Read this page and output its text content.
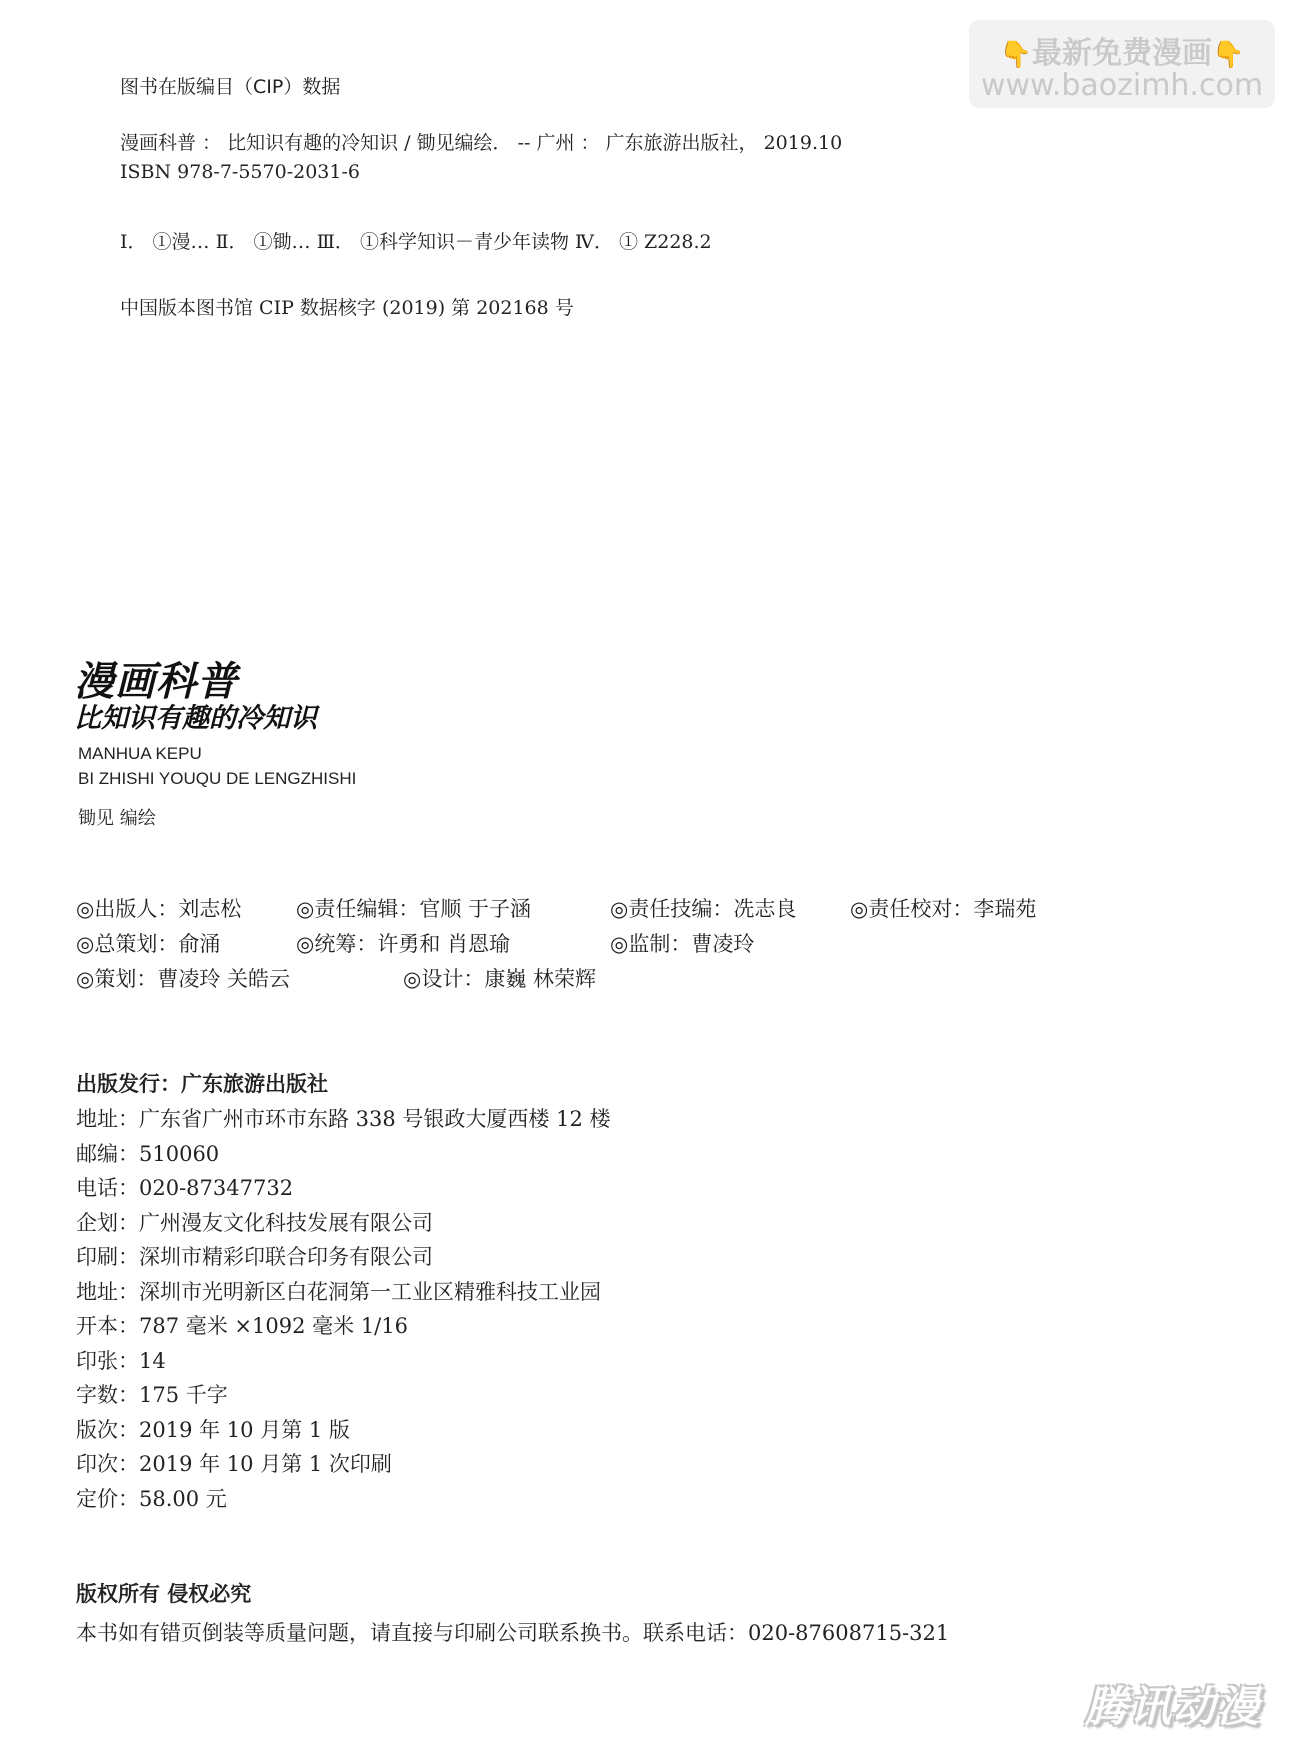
👇最新免费漫画👇
www.baozimh.com
图书在版编目（CIP）数据
漫画科普 ： 比知识有趣的冷知识 / 锄见编绘． -- 广州 ： 广东旅游出版社， 2019.10
ISBN 978-7-5570-2031-6
Ⅰ． ①漫… Ⅱ． ①锄… Ⅲ． ①科学知识－青少年读物 Ⅳ． ① Z228.2
中国版本图书馆 CIP 数据核字 (2019) 第 202168 号
漫画科普
比知识有趣的冷知识
MANHUA KEPU
BI ZHISHI YOUQU DE LENGZHISHI
锄见 编绘
◎出版人：刘志松	◎责任编辑：官顺 于子涵	◎责任技编：冼志良	◎责任校对：李瑞苑
◎总策划：俞涌	◎统筹：许勇和 肖恩瑜	◎监制：曹凌玲
◎策划：曹凌玲 关皓云	◎设计：康巍 林荣辉
出版发行：广东旅游出版社
地址：广东省广州市环市东路 338 号银政大厦西楼 12 楼
邮编：510060
电话：020-87347732
企划：广州漫友文化科技发展有限公司
印刷：深圳市精彩印联合印务有限公司
地址：深圳市光明新区白花洞第一工业区精雅科技工业园
开本：787 毫米 ×1092 毫米 1/16
印张：14
字数：175 千字
版次：2019 年 10 月第 1 版
印次：2019 年 10 月第 1 次印刷
定价：58.00 元
版权所有 侵权必究
本书如有错页倒装等质量问题，请直接与印刷公司联系换书。联系电话：020-87608715-321
腾讯动漫
